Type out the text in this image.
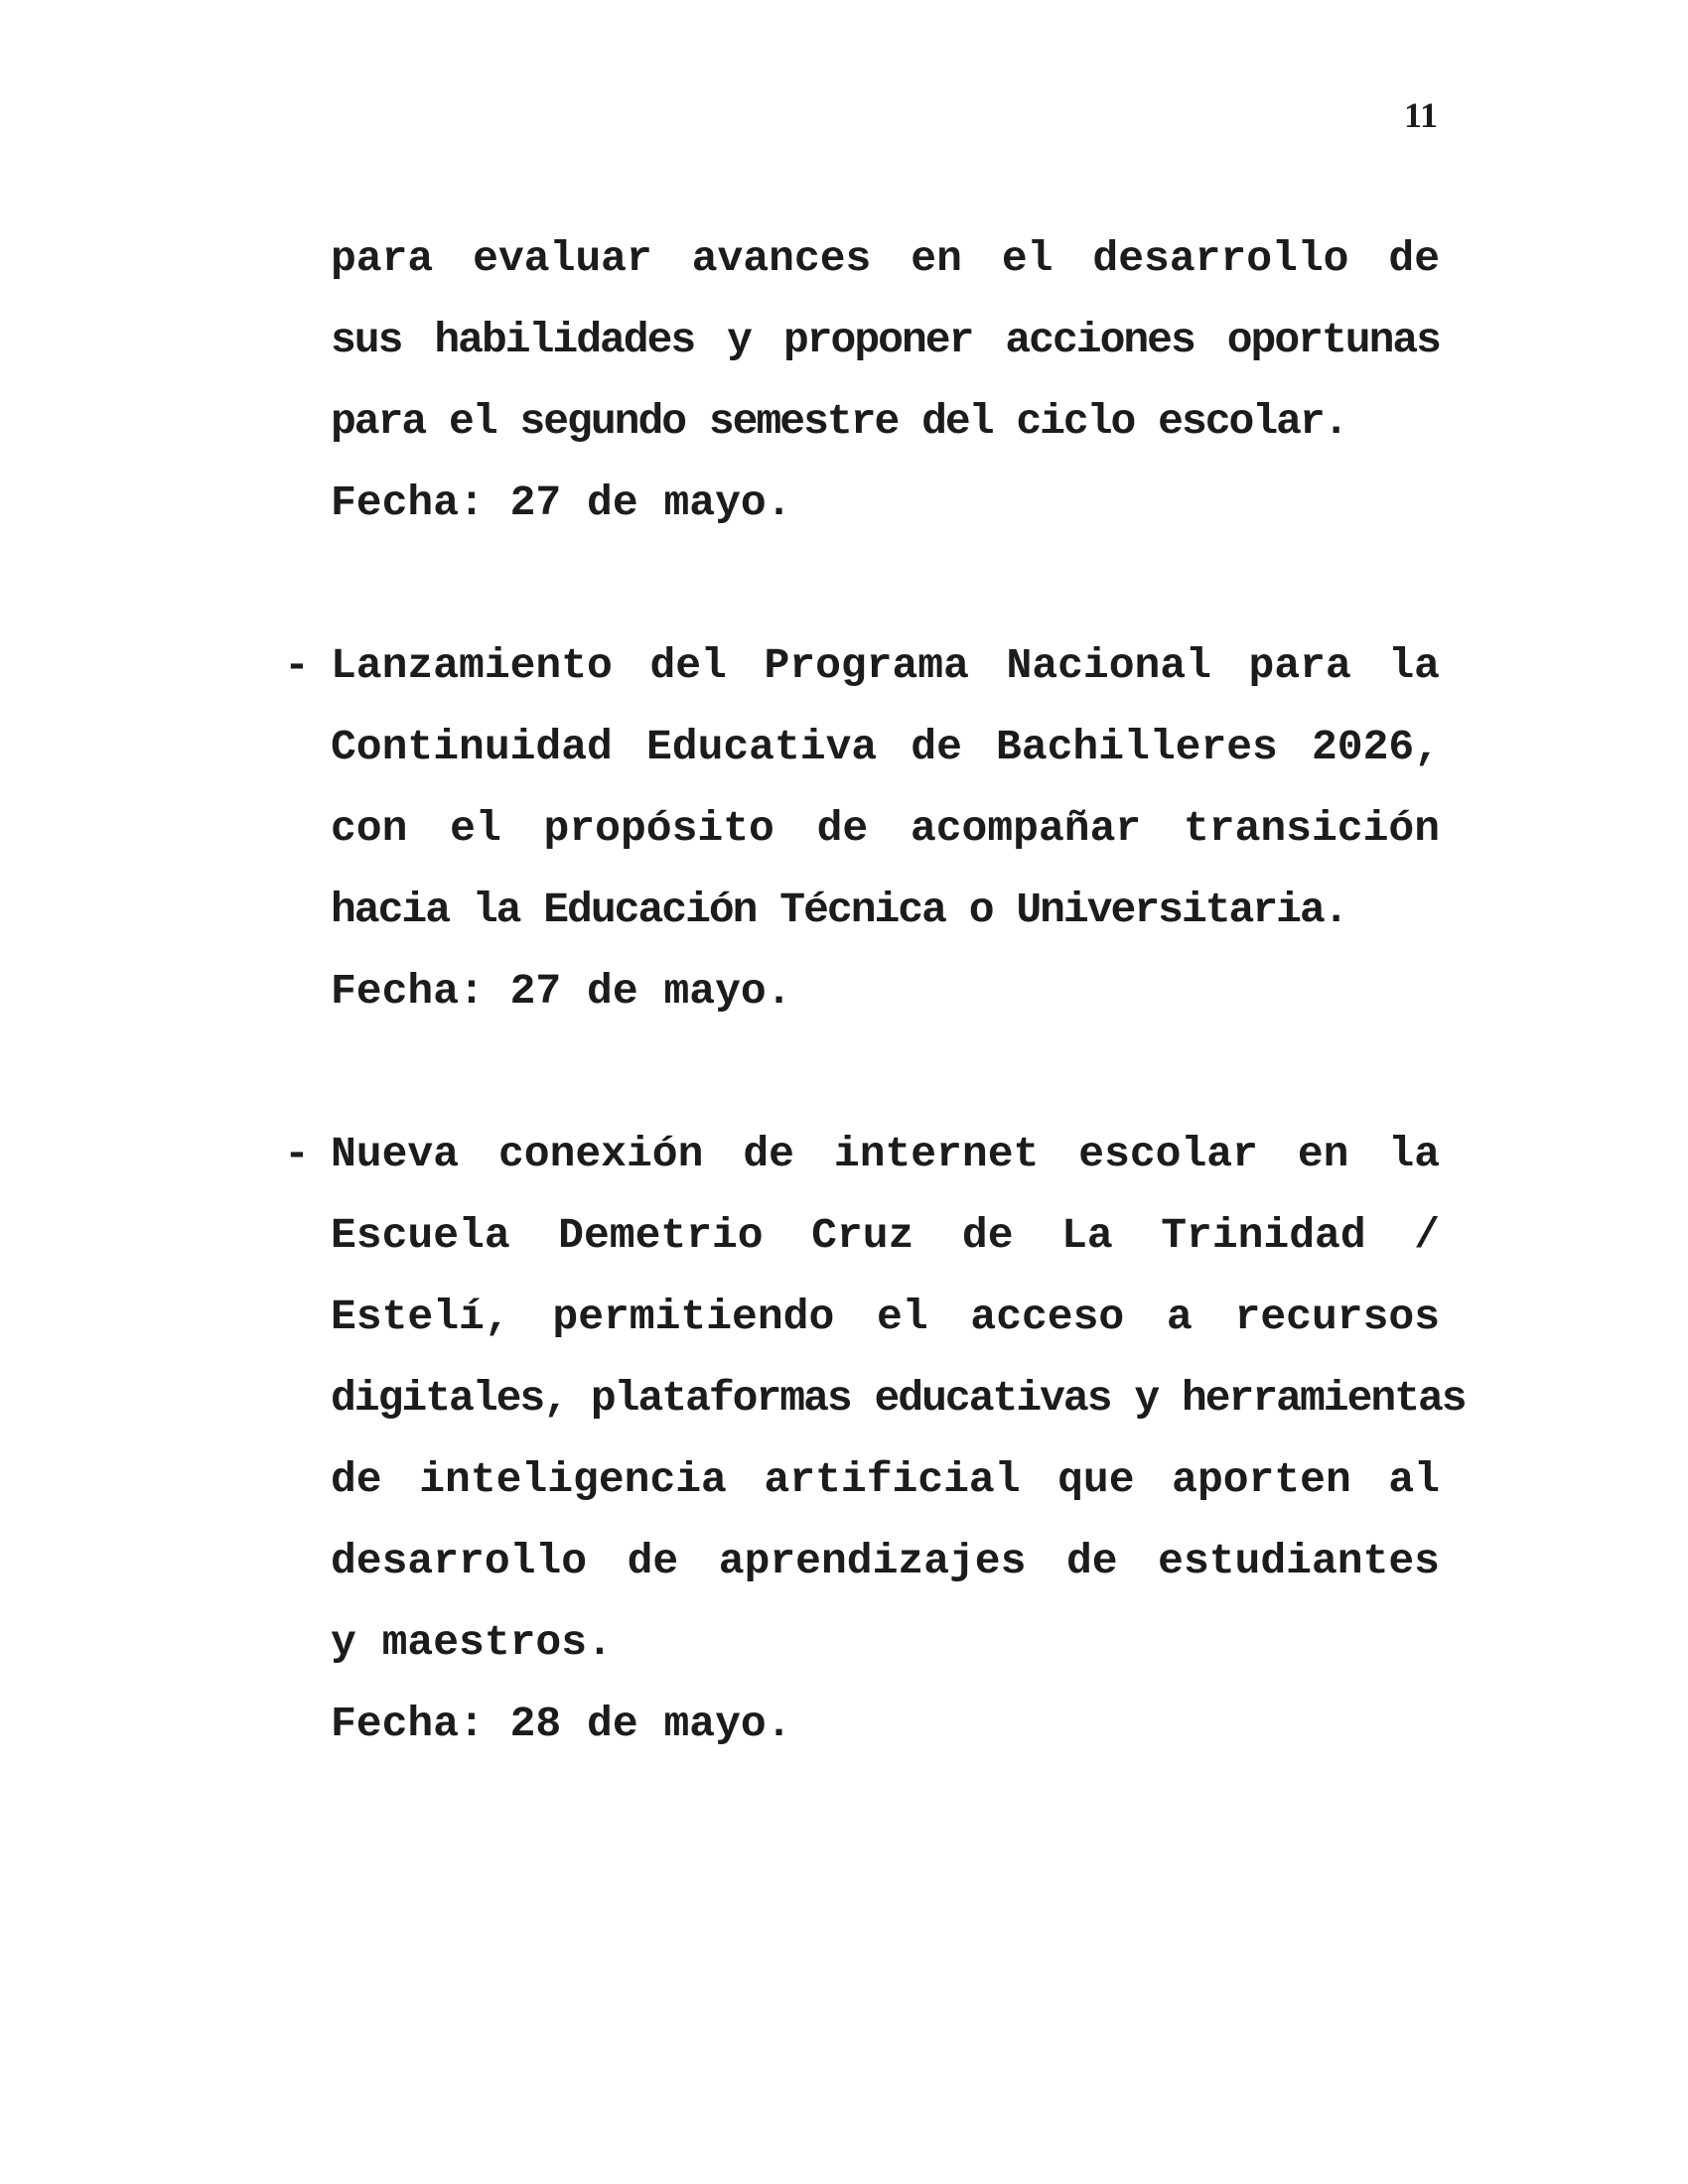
11
para evaluar avances en el desarrollo de
sus habilidades y proponer acciones oportunas
para el segundo semestre del ciclo escolar.
Fecha: 27 de mayo.
- Lanzamiento del Programa Nacional para la
Continuidad Educativa de Bachilleres 2026,
con el propósito de acompañar transición
hacia la Educación Técnica o Universitaria.
Fecha: 27 de mayo.
- Nueva conexión de internet escolar en la
Escuela Demetrio Cruz de La Trinidad /
Estelí, permitiendo el acceso a recursos
digitales, plataformas educativas y herramientas
de inteligencia artificial que aporten al
desarrollo de aprendizajes de estudiantes
y maestros.
Fecha: 28 de mayo.
